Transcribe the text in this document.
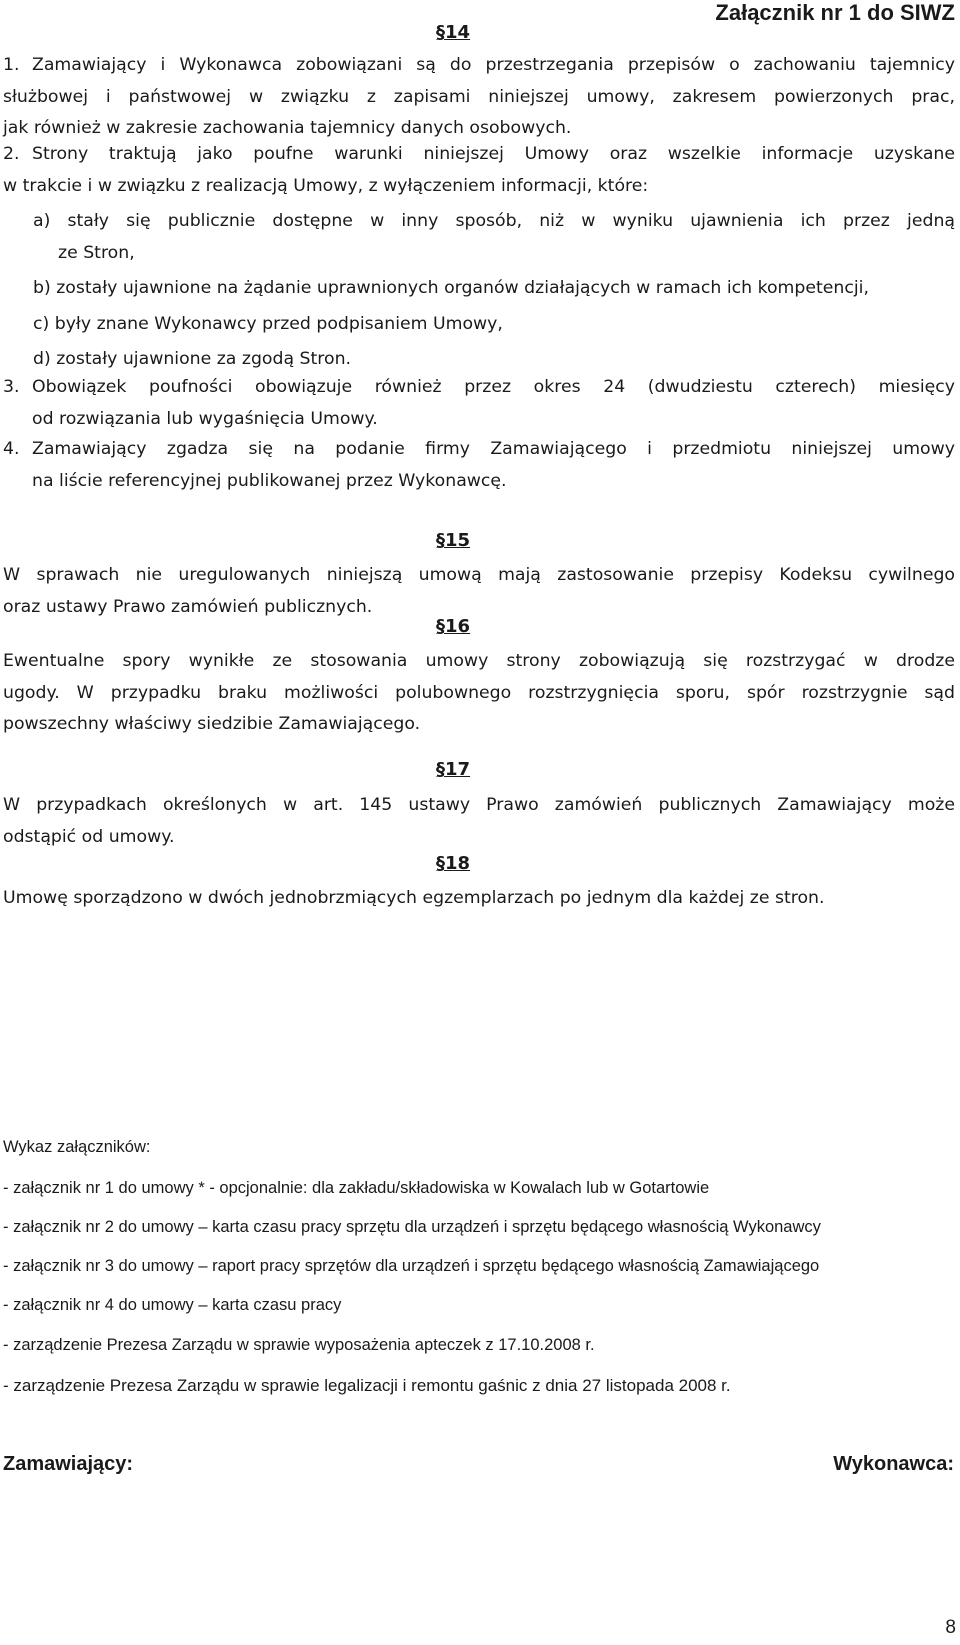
Załącznik nr 1 do SIWZ
§14
1. Zamawiający i Wykonawca zobowiązani są do przestrzegania przepisów o zachowaniu tajemnicy
służbowej i państwowej w związku z zapisami niniejszej umowy, zakresem powierzonych prac,
jak również w zakresie zachowania tajemnicy danych osobowych.
2. Strony traktują jako poufne warunki niniejszej Umowy oraz wszelkie informacje uzyskane
w trakcie i w związku z realizacją Umowy, z wyłączeniem informacji, które:
a) stały się publicznie dostępne w inny sposób, niż w wyniku ujawnienia ich przez jedną
ze Stron,
b) zostały ujawnione na żądanie uprawnionych organów działających w ramach ich kompetencji,
c) były znane Wykonawcy przed podpisaniem Umowy,
d) zostały ujawnione za zgodą Stron.
3. Obowiązek poufności obowiązuje również przez okres 24 (dwudziestu czterech) miesięcy
od rozwiązania lub wygaśnięcia Umowy.
4. Zamawiający zgadza się na podanie firmy Zamawiającego i przedmiotu niniejszej umowy
na liście referencyjnej publikowanej przez Wykonawcę.
§15
W sprawach nie uregulowanych niniejszą umową mają zastosowanie przepisy Kodeksu cywilnego
oraz ustawy Prawo zamówień publicznych.
§16
Ewentualne spory wynikłe ze stosowania umowy strony zobowiązują się rozstrzygać w drodze
ugody. W przypadku braku możliwości polubownego rozstrzygnięcia sporu, spór rozstrzygnie sąd
powszechny właściwy siedzibie Zamawiającego.
§17
W przypadkach określonych w art. 145 ustawy Prawo zamówień publicznych Zamawiający może
odstąpić od umowy.
§18
Umowę sporządzono w dwóch jednobrzmiących egzemplarzach po jednym dla każdej ze stron.
Wykaz załączników:
- załącznik nr 1 do umowy * - opcjonalnie: dla zakładu/składowiska w Kowalach lub w Gotartowie
- załącznik nr 2 do umowy – karta czasu pracy sprzętu dla urządzeń i sprzętu będącego własnością Wykonawcy
- załącznik nr 3 do umowy – raport pracy sprzętów dla urządzeń i sprzętu będącego własnością Zamawiającego
- załącznik nr 4 do umowy – karta czasu pracy
- zarządzenie Prezesa Zarządu w sprawie wyposażenia apteczek z 17.10.2008 r.
- zarządzenie Prezesa Zarządu w sprawie legalizacji i remontu gaśnic z dnia 27 listopada 2008 r.
Zamawiający:	Wykonawca:
8
